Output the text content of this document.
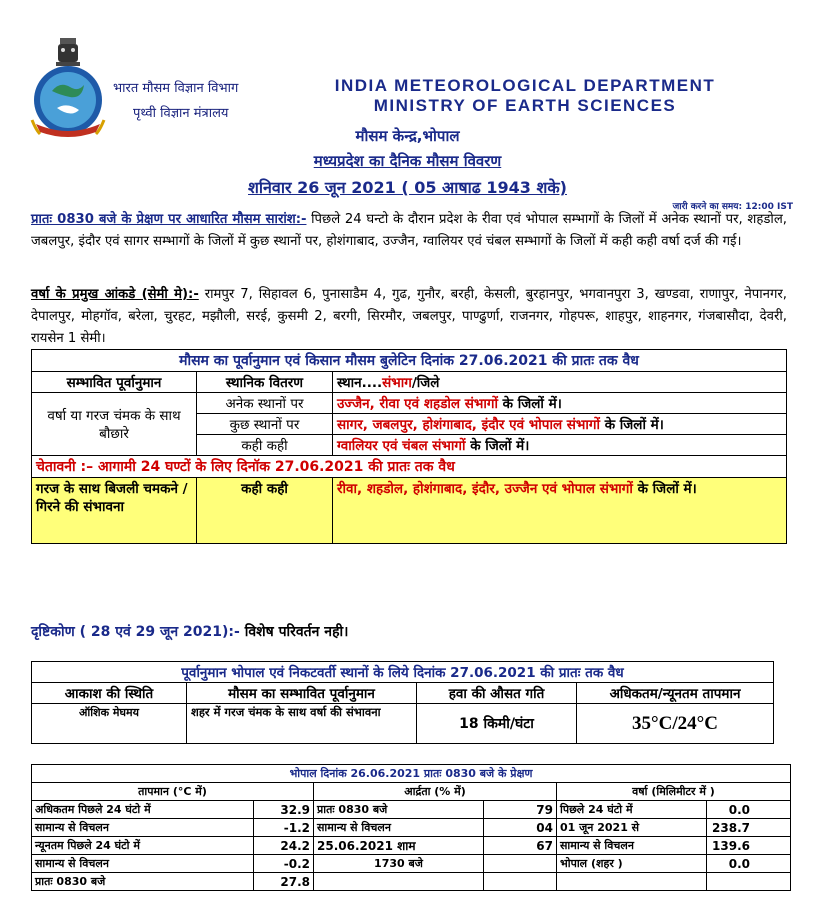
भारत मौसम विज्ञान विभाग
पृथ्वी विज्ञान मंत्रालय
INDIA METEOROLOGICAL DEPARTMENT
MINISTRY OF EARTH SCIENCES
मौसम केन्द्र,भोपाल
मध्यप्रदेश का दैनिक मौसम विवरण
शनिवार 26 जून 2021 ( 05 आषाढ 1943 शके)
जारी करने का समय: 12:00 IST
प्रातः 0830 बजे के प्रेक्षण पर आधारित मौसम सारांश:- पिछले 24 घन्टो के दौरान प्रदेश के रीवा एवं भोपाल सम्भागों के जिलों में अनेक स्थानों पर, शहडोल, जबलपुर, इंदौर एवं सागर सम्भागों के जिलों में कुछ स्थानों पर, होशंगाबाद, उज्जैन, ग्वालियर एवं चंबल सम्भागों के जिलों में कही कही वर्षा दर्ज की गई।
वर्षा के प्रमुख आंकडे (सेमी मे):- रामपुर 7, सिहावल 6, पुनासाडैम 4, गुढ, गुनौर, बरही, केसली, बुरहानपुर, भगवानपुरा 3, खण्डवा, राणापुर, नेपानगर, देपालपुर, मोहगॉव, बरेला, चुरहट, मझौली, सरई, कुसमी 2, बरगी, सिरमौर, जबलपुर, पाण्ढुर्णा, राजनगर, गोहपरू, शाहपुर, शाहनगर, गंजबासौदा, देवरी, रायसेन 1 सेमी।
मौसम का पूर्वानुमान एवं किसान मौसम बुलेटिन दिनांक 27.06.2021 की प्रातः तक वैध		
सम्भावित पूर्वानुमान	स्थानिक वितरण	स्थान....संभाग/जिले
वर्षा या गरज चंमक के साथ बौछारे	अनेक स्थानों पर	उज्जैन, रीवा एवं शहडोल संभागों के जिलों में।
	कुछ स्थानों पर	सागर, जबलपुर, होशंगाबाद, इंदौर एवं भोपाल संभागों के जिलों में।
	कही कही	ग्वालियर एवं चंबल संभागों के जिलों में।
चेतावनी :– आगामी 24 घण्टों के लिए दिनॉक 27.06.2021 की प्रातः तक वैध		
गरज के साथ बिजली चमकने / गिरने की संभावना	कही कही	रीवा, शहडोल, होशंगाबाद, इंदौर, उज्जैन एवं भोपाल संभागों के जिलों में।
दृष्टिकोण ( 28 एवं 29 जून 2021):- विशेष परिवर्तन नही।
पूर्वानुमान भोपाल एवं निकटवर्ती स्थानों के लिये दिनांक 27.06.2021 की प्रातः तक वैध			
आकाश की स्थिति	मौसम का सम्भावित पूर्वानुमान	हवा की औसत गति	अधिकतम/न्यूनतम तापमान
ऑशिक मेघमय	शहर में गरज चंमक के साथ वर्षा की संभावना	18 किमी/घंटा	35°C/24°C
भोपाल दिनांक 26.06.2021 प्रातः 0830 बजे के प्रेक्षण					
तापमान (°C में)		आर्द्रता (% में)		वर्षा (मिलिमीटर में )	
अधिकतम पिछले 24 घंटो में	32.9	प्रातः 0830 बजे	79	पिछले 24 घंटो में	0.0
सामान्य से विचलन	-1.2	सामान्य से विचलन	04	01 जून 2021 से	238.7
न्यूनतम पिछले 24 घंटो में	24.2	25.06.2021 शाम	67	सामान्य से विचलन	139.6
सामान्य से विचलन	-0.2	1730 बजे		भोपाल (शहर )	0.0
प्रातः 0830 बजे	27.8				
